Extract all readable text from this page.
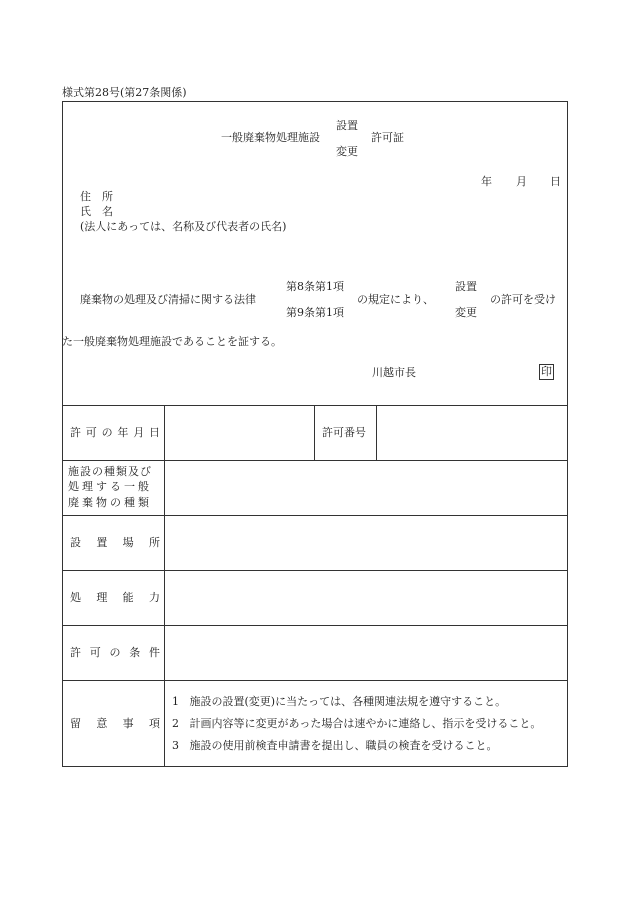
様式第28号(第27条関係)
一般廃棄物処理施設
設置
変更
許可証
年 月 日
住　所
氏　名
(法人にあっては、名称及び代表者の氏名)
廃棄物の処理及び清掃に関する法律
第8条第1項
第9条第1項
の規定により、
設置
変更
の許可を受け
た一般廃棄物処理施設であることを証する。
川越市長	印
許 可 の 年 月 日	許可番号
施設の種類及び
処理する一般
廃棄物の種類
設 置 場 所
処 理 能 力
許 可 の 条 件
留 意 事 項
1 施設の設置(変更)に当たっては、各種関連法規を遵守すること。
2 計画内容等に変更があった場合は速やかに連絡し、指示を受けること。
3 施設の使用前検査申請書を提出し、職員の検査を受けること。
